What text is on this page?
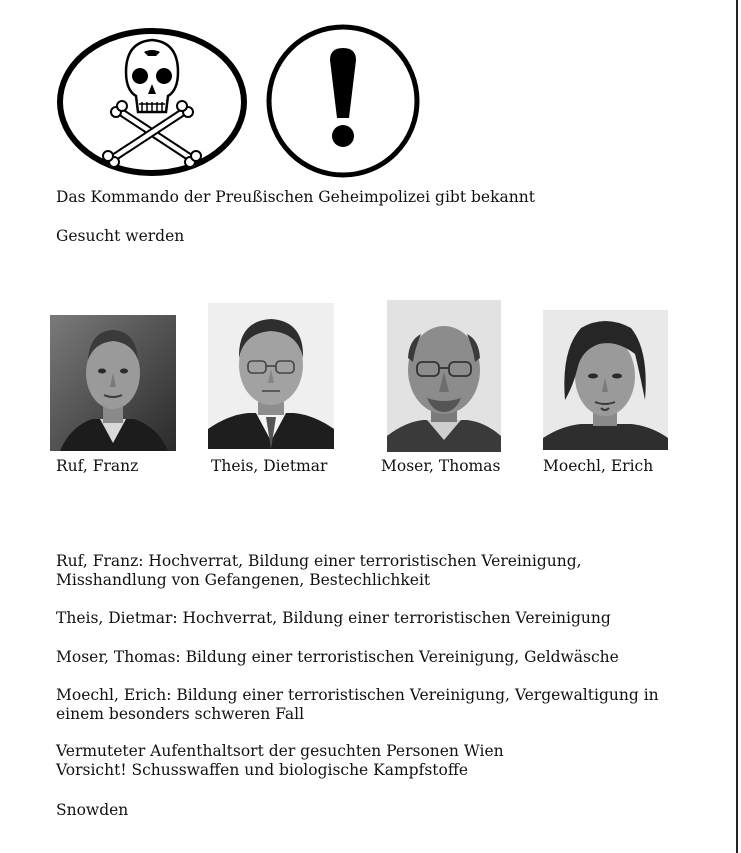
Das Kommando der Preußischen Geheimpolizei gibt bekannt
Gesucht werden
Ruf, Franz	Theis, Dietmar	Moser, Thomas	Moechl, Erich
Ruf, Franz: Hochverrat, Bildung einer terroristischen Vereinigung,
Misshandlung von Gefangenen, Bestechlichkeit
Theis, Dietmar: Hochverrat, Bildung einer terroristischen Vereinigung
Moser, Thomas: Bildung einer terroristischen Vereinigung, Geldwäsche
Moechl, Erich: Bildung einer terroristischen Vereinigung, Vergewaltigung in
einem besonders schweren Fall
Vermuteter Aufenthaltsort der gesuchten Personen Wien
Vorsicht! Schusswaffen und biologische Kampfstoffe
Snowden
